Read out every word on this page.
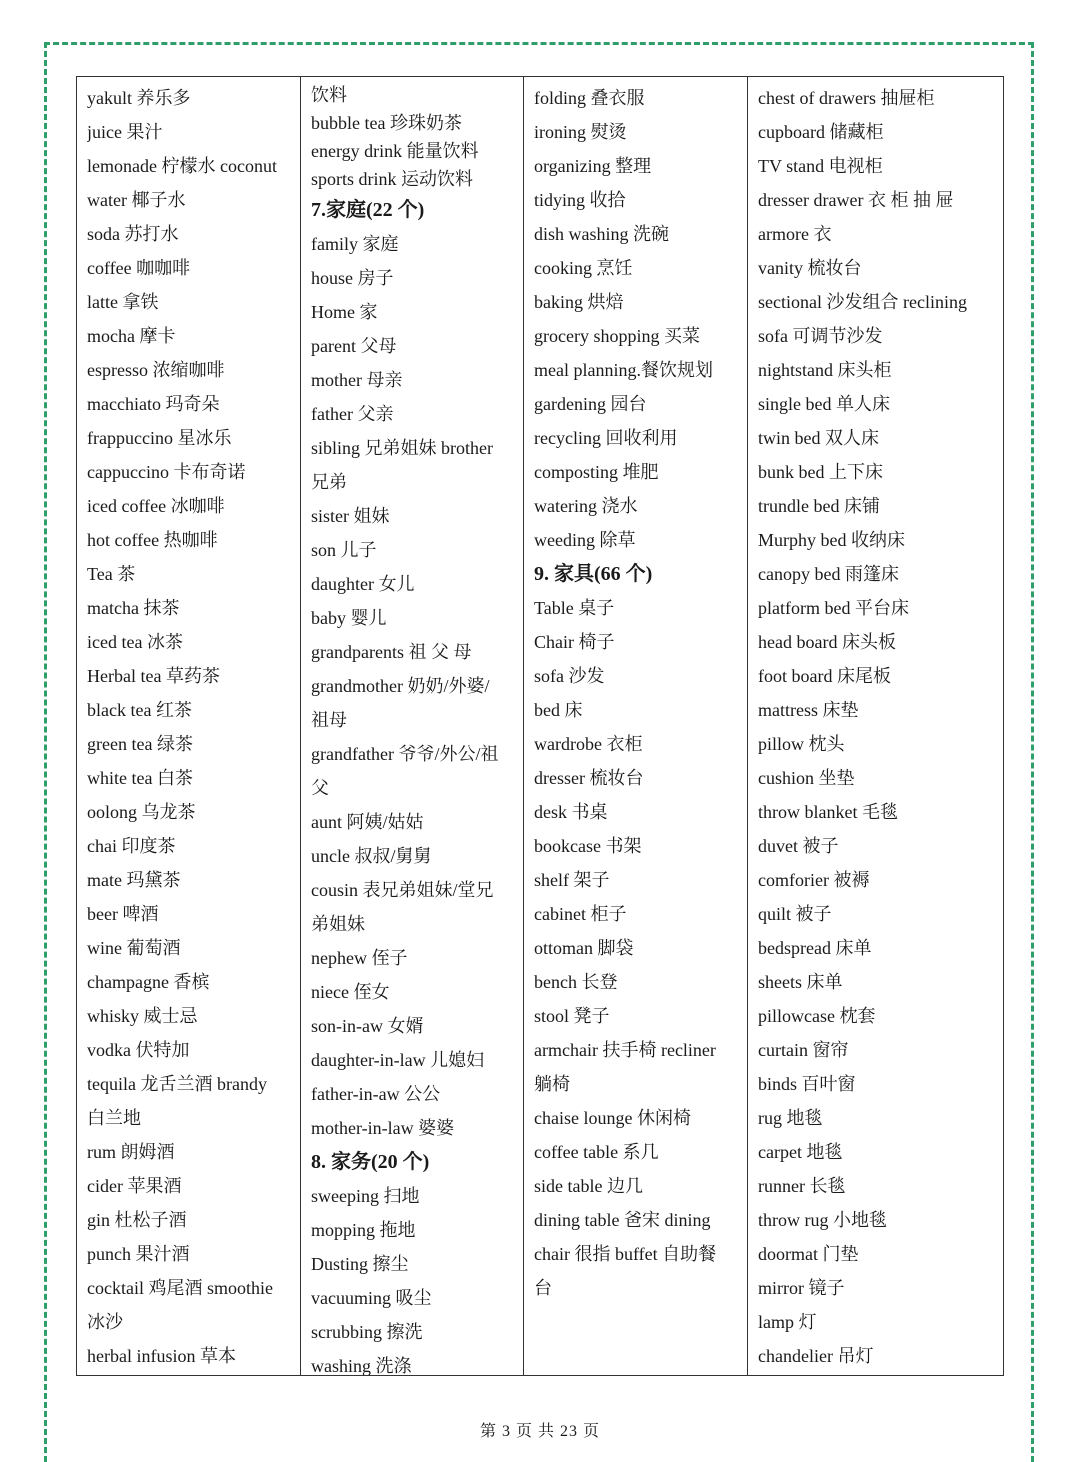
yakult 养乐多
juice 果汁
lemonade 柠檬水 coconut
water 椰子水
soda 苏打水
coffee 咖咖啡
latte 拿铁
mocha 摩卡
espresso 浓缩咖啡
macchiato 玛奇朵
frappuccino 星冰乐
cappuccino 卡布奇诺
iced coffee 冰咖啡
hot coffee 热咖啡
Tea 茶
matcha 抹茶
iced tea 冰茶
Herbal tea 草药茶
black tea 红茶
green tea 绿茶
white tea 白茶
oolong 乌龙茶
chai 印度茶
mate 玛黛茶
beer 啤酒
wine 葡萄酒
champagne 香槟
whisky 威士忌
vodka 伏特加
tequila 龙舌兰酒 brandy
白兰地
rum 朗姆酒
cider 苹果酒
gin 杜松子酒
punch 果汁酒
cocktail 鸡尾酒 smoothie
冰沙
herbal infusion 草本
饮料
bubble tea 珍珠奶茶
energy drink 能量饮料
sports drink 运动饮料
7.家庭(22 个)
family 家庭
house 房子
Home 家
parent 父母
mother 母亲
father 父亲
sibling 兄弟姐妹 brother
兄弟
sister 姐妹
son 儿子
daughter 女儿
baby 婴儿
grandparents 祖 父 母
grandmother 奶奶/外婆/
祖母
grandfather 爷爷/外公/祖
父
aunt 阿姨/姑姑
uncle 叔叔/舅舅
cousin 表兄弟姐妹/堂兄
弟姐妹
nephew 侄子
niece 侄女
son-in-aw 女婿
daughter-in-law 儿媳妇
father-in-aw 公公
mother-in-law 婆婆
8. 家务(20 个)
sweeping 扫地
mopping 拖地
Dusting 擦尘
vacuuming 吸尘
scrubbing 擦洗
washing 洗涤
folding 叠衣服
ironing 熨烫
organizing 整理
tidying 收拾
dish washing 洗碗
cooking 烹饪
baking 烘焙
grocery shopping 买菜
meal planning.餐饮规划
gardening 园台
recycling 回收利用
composting 堆肥
watering 浇水
weeding 除草
9. 家具(66 个)
Table 桌子
Chair 椅子
sofa 沙发
bed 床
wardrobe 衣柜
dresser 梳妆台
desk 书桌
bookcase 书架
shelf 架子
cabinet 柜子
ottoman 脚袋
bench 长登
stool 凳子
armchair 扶手椅 recliner
躺椅
chaise lounge 休闲椅
coffee table 系几
side table 边几
dining table 爸宋 dining
chair 很指 buffet 自助餐
台
chest of drawers 抽屉柜
cupboard 储藏柜
TV stand 电视柜
dresser drawer 衣 柜 抽 屉
armore 衣
vanity 梳妆台
sectional 沙发组合 reclining
sofa 可调节沙发
nightstand 床头柜
single bed 单人床
twin bed 双人床
bunk bed 上下床
trundle bed 床铺
Murphy bed 收纳床
canopy bed 雨篷床
platform bed 平台床
head board 床头板
foot board 床尾板
mattress 床垫
pillow 枕头
cushion 坐垫
throw blanket 毛毯
duvet 被子
comforier 被褥
quilt 被子
bedspread 床单
sheets 床单
pillowcase 枕套
curtain 窗帘
binds 百叶窗
rug 地毯
carpet 地毯
runner 长毯
throw rug 小地毯
doormat 门垫
mirror 镜子
lamp 灯
chandelier 吊灯
第 3 页 共 23 页
